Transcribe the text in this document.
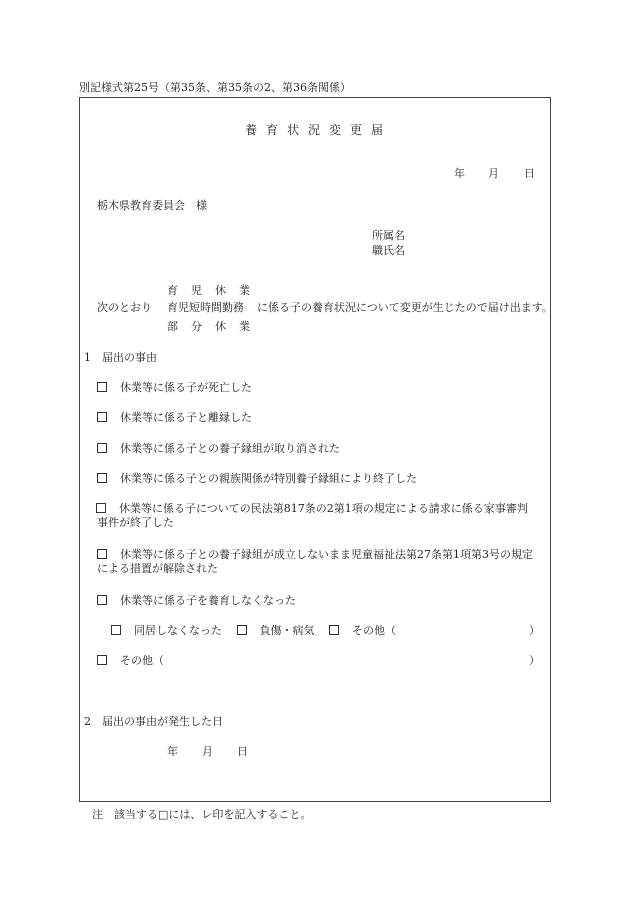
別記様式第25号（第35条、第35条の2、第36条関係）
養育状況変更届
年 月 日
栃木県教育委員会　様
所属名
職氏名
育児休業
次のとおり 育児短時間勤務 に係る子の養育状況について変更が生じたので届け出ます。
部分休業
1　届出の事由
　休業等に係る子が死亡した
　休業等に係る子と離縁した
　休業等に係る子との養子縁組が取り消された
　休業等に係る子との親族関係が特別養子縁組により終了した
　休業等に係る子についての民法第817条の2第1項の規定による請求に係る家事審判事件が終了した
　休業等に係る子との養子縁組が成立しないまま児童福祉法第27条第1項第3号の規定による措置が解除された
　休業等に係る子を養育しなくなった
　同居しなくなった 　　	負傷・病気 　　	その他（	）
　その他（	）
2　届出の事由が発生した日
年 月 日
注　該当する□には、レ印を記入すること。
